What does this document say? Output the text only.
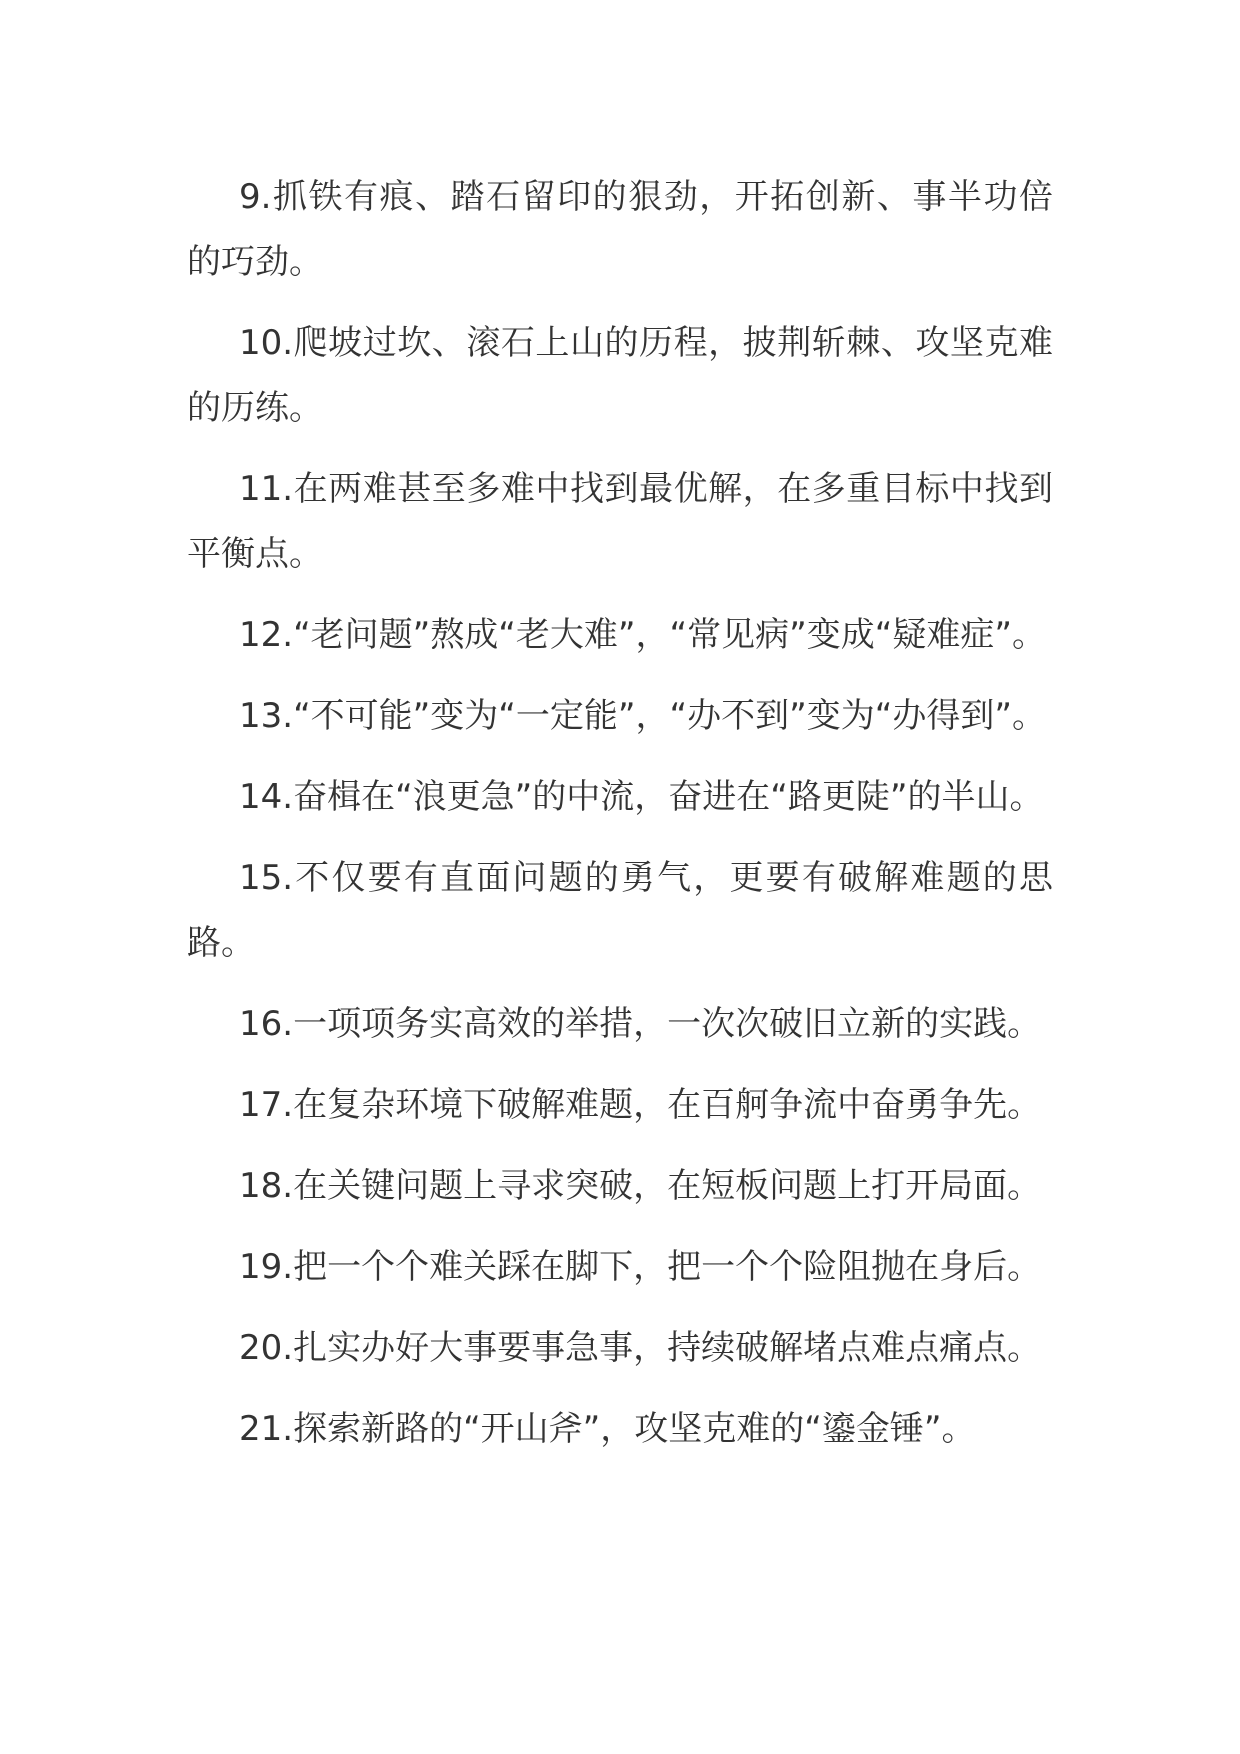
9.抓铁有痕、踏石留印的狠劲，开拓创新、事半功倍的巧劲。

10.爬坡过坎、滚石上山的历程，披荆斩棘、攻坚克难的历练。

11.在两难甚至多难中找到最优解，在多重目标中找到平衡点。

12.“老问题”熬成“老大难”，“常见病”变成“疑难症”。

13.“不可能”变为“一定能”，“办不到”变为“办得到”。

14.奋楫在“浪更急”的中流，奋进在“路更陡”的半山。

15.不仅要有直面问题的勇气，更要有破解难题的思路。

16.一项项务实高效的举措，一次次破旧立新的实践。

17.在复杂环境下破解难题，在百舸争流中奋勇争先。

18.在关键问题上寻求突破，在短板问题上打开局面。

19.把一个个难关踩在脚下，把一个个险阻抛在身后。

20.扎实办好大事要事急事，持续破解堵点难点痛点。

21.探索新路的“开山斧”，攻坚克难的“鎏金锤”。
